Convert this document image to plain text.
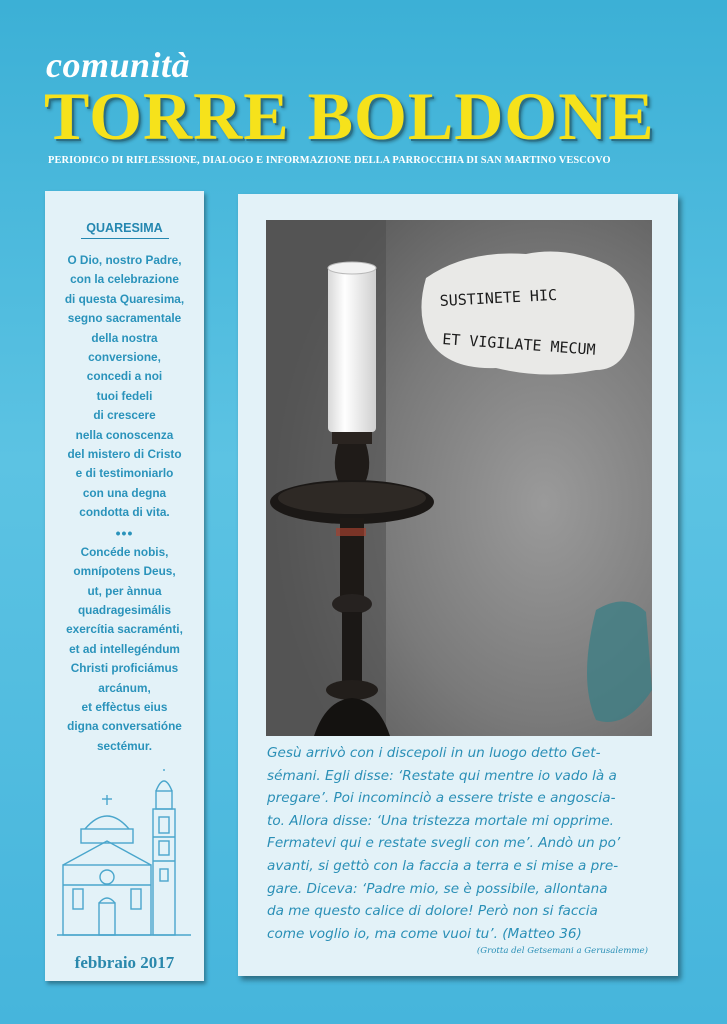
comunità
TORRE BOLDONE
PERIODICO DI RIFLESSIONE, DIALOGO E INFORMAZIONE DELLA PARROCCHIA DI SAN MARTINO VESCOVO
QUARESIMA
O Dio, nostro Padre,
con la celebrazione
di questa Quaresima,
segno sacramentale
della nostra
conversione,
concedi a noi
tuoi fedeli
di crescere
nella conoscenza
del mistero di Cristo
e di testimoniarlo
con una degna
condotta di vita.
•••
Concéde nobis,
omnípotens Deus,
ut, per ànnua
quadragesimális
exercítia sacraménti,
et ad intellegéndum
Christi proficiámus
arcánum,
et effèctus eius
digna conversatióne
sectémur.
febbraio 2017
SUSTINETE HIC
ET VIGILATE MECUM
Gesù arrivò con i discepoli in un luogo detto Get-
sémani. Egli disse: ‘Restate qui mentre io vado là a
pregare’. Poi incominciò a essere triste e angosciа-
to. Allora disse: ‘Una tristezza mortale mi opprime.
Fermatevi qui e restate svegli con me’. Andò un po’
avanti, si gettò con la faccia a terra e si mise a pre-
gare. Diceva: ‘Padre mio, se è possibile, allontana
da me questo calice di dolore! Però non si faccia
come voglio io, ma come vuoi tu’. (Matteo 36)
(Grotta del Getsemani a Gerusalemme)
